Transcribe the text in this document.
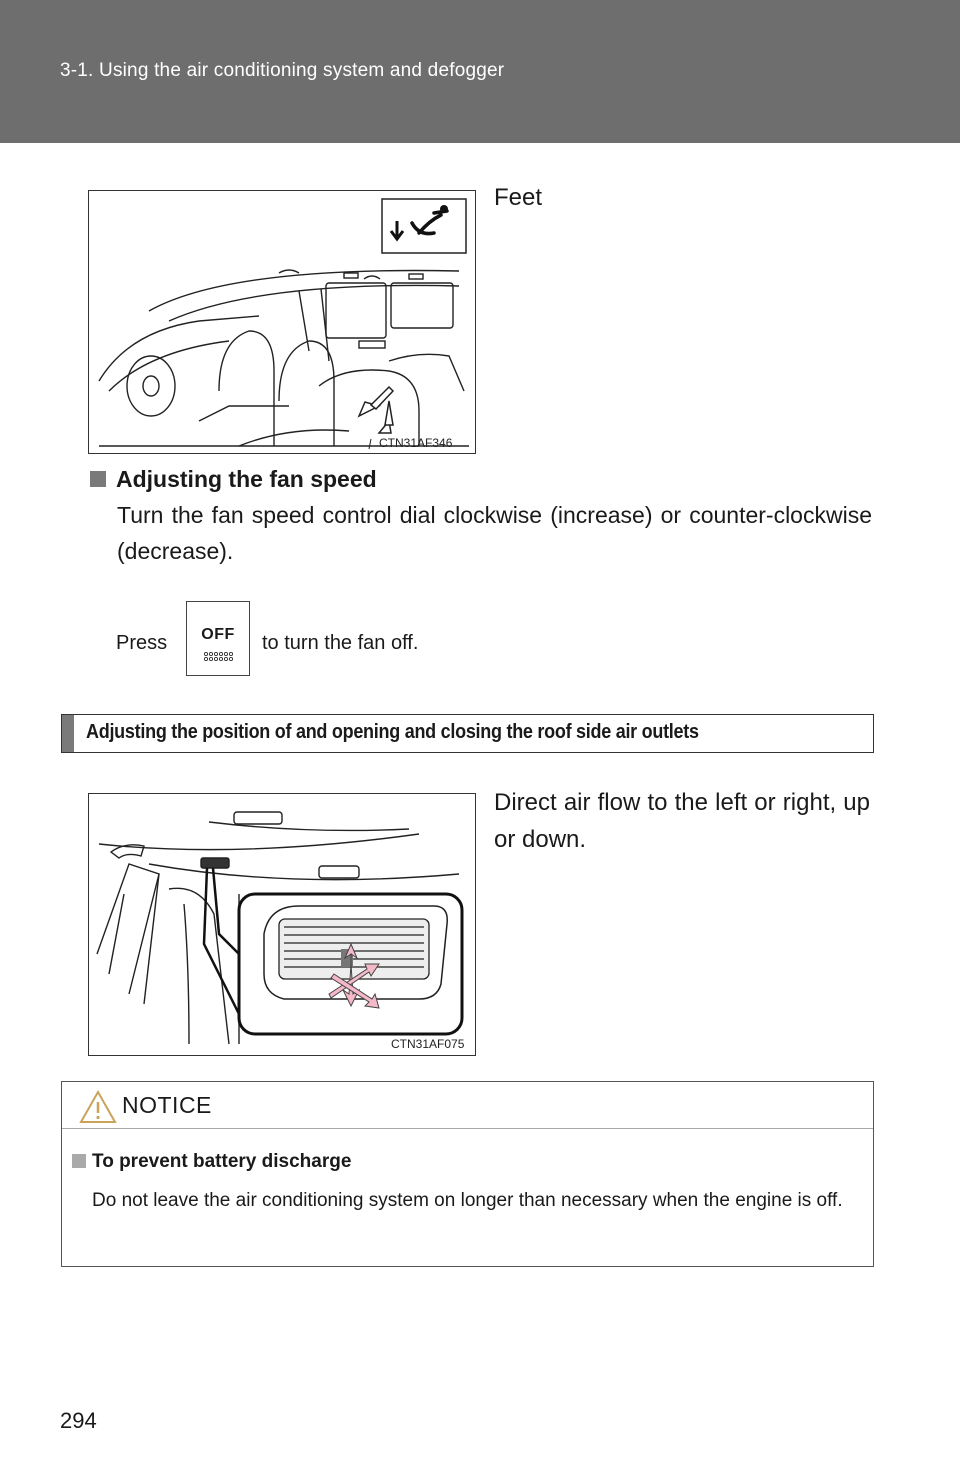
3-1. Using the air conditioning system and defogger
CTN31AF346
Feet
Adjusting the fan speed
Turn the fan speed control dial clockwise (increase) or counter-clockwise (decrease).
Press	OFF	to turn the fan off.
Adjusting the position of and opening and closing the roof side air outlets
CTN31AF075
Direct air flow to the left or right, up or down.
NOTICE
To prevent battery discharge
Do not leave the air conditioning system on longer than necessary when the engine is off.
294
